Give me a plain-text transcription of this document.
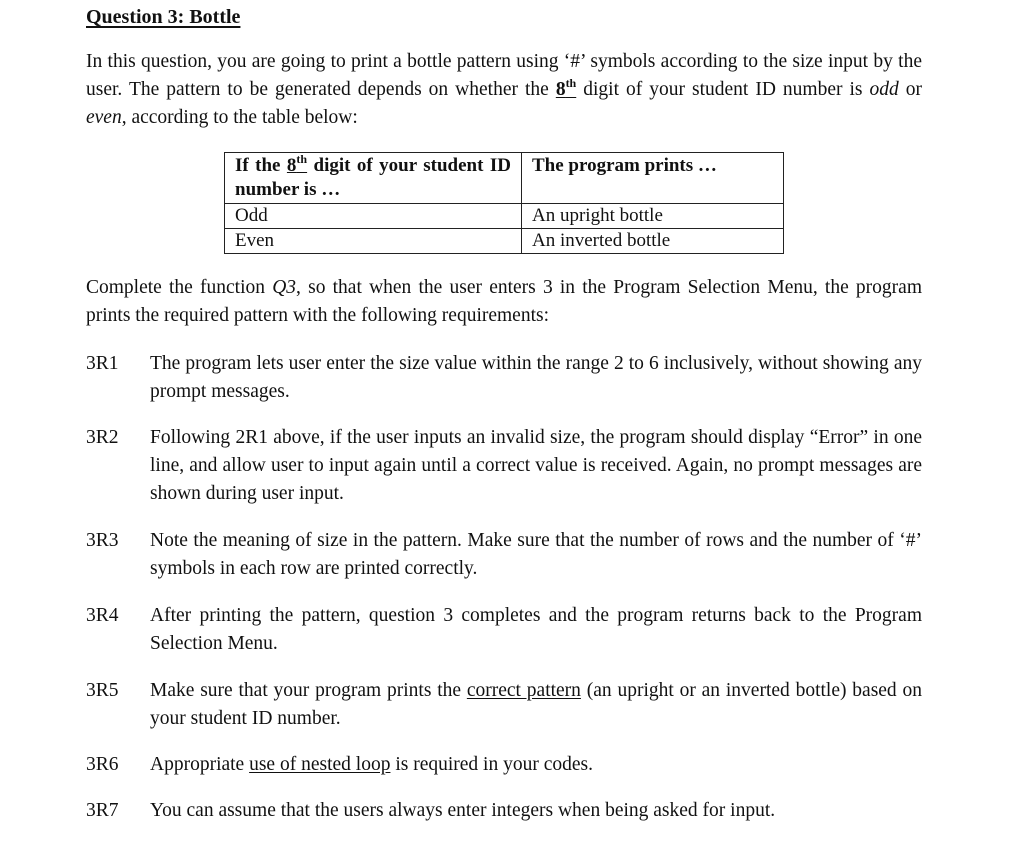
Question 3: Bottle

In this question, you are going to print a bottle pattern using ‘#’ symbols according to the size input by the user. The pattern to be generated depends on whether the 8th digit of your student ID number is odd or even, according to the table below:

If the 8th digit of your student ID number is …	The program prints …
Odd	An upright bottle
Even	An inverted bottle

Complete the function Q3, so that when the user enters 3 in the Program Selection Menu, the program prints the required pattern with the following requirements:

3R1 The program lets user enter the size value within the range 2 to 6 inclusively, without showing any prompt messages.
3R2 Following 2R1 above, if the user inputs an invalid size, the program should display “Error” in one line, and allow user to input again until a correct value is received. Again, no prompt messages are shown during user input.
3R3 Note the meaning of size in the pattern. Make sure that the number of rows and the number of ‘#’ symbols in each row are printed correctly.
3R4 After printing the pattern, question 3 completes and the program returns back to the Program Selection Menu.
3R5 Make sure that your program prints the correct pattern (an upright or an inverted bottle) based on your student ID number.
3R6 Appropriate use of nested loop is required in your codes.
3R7 You can assume that the users always enter integers when being asked for input.
